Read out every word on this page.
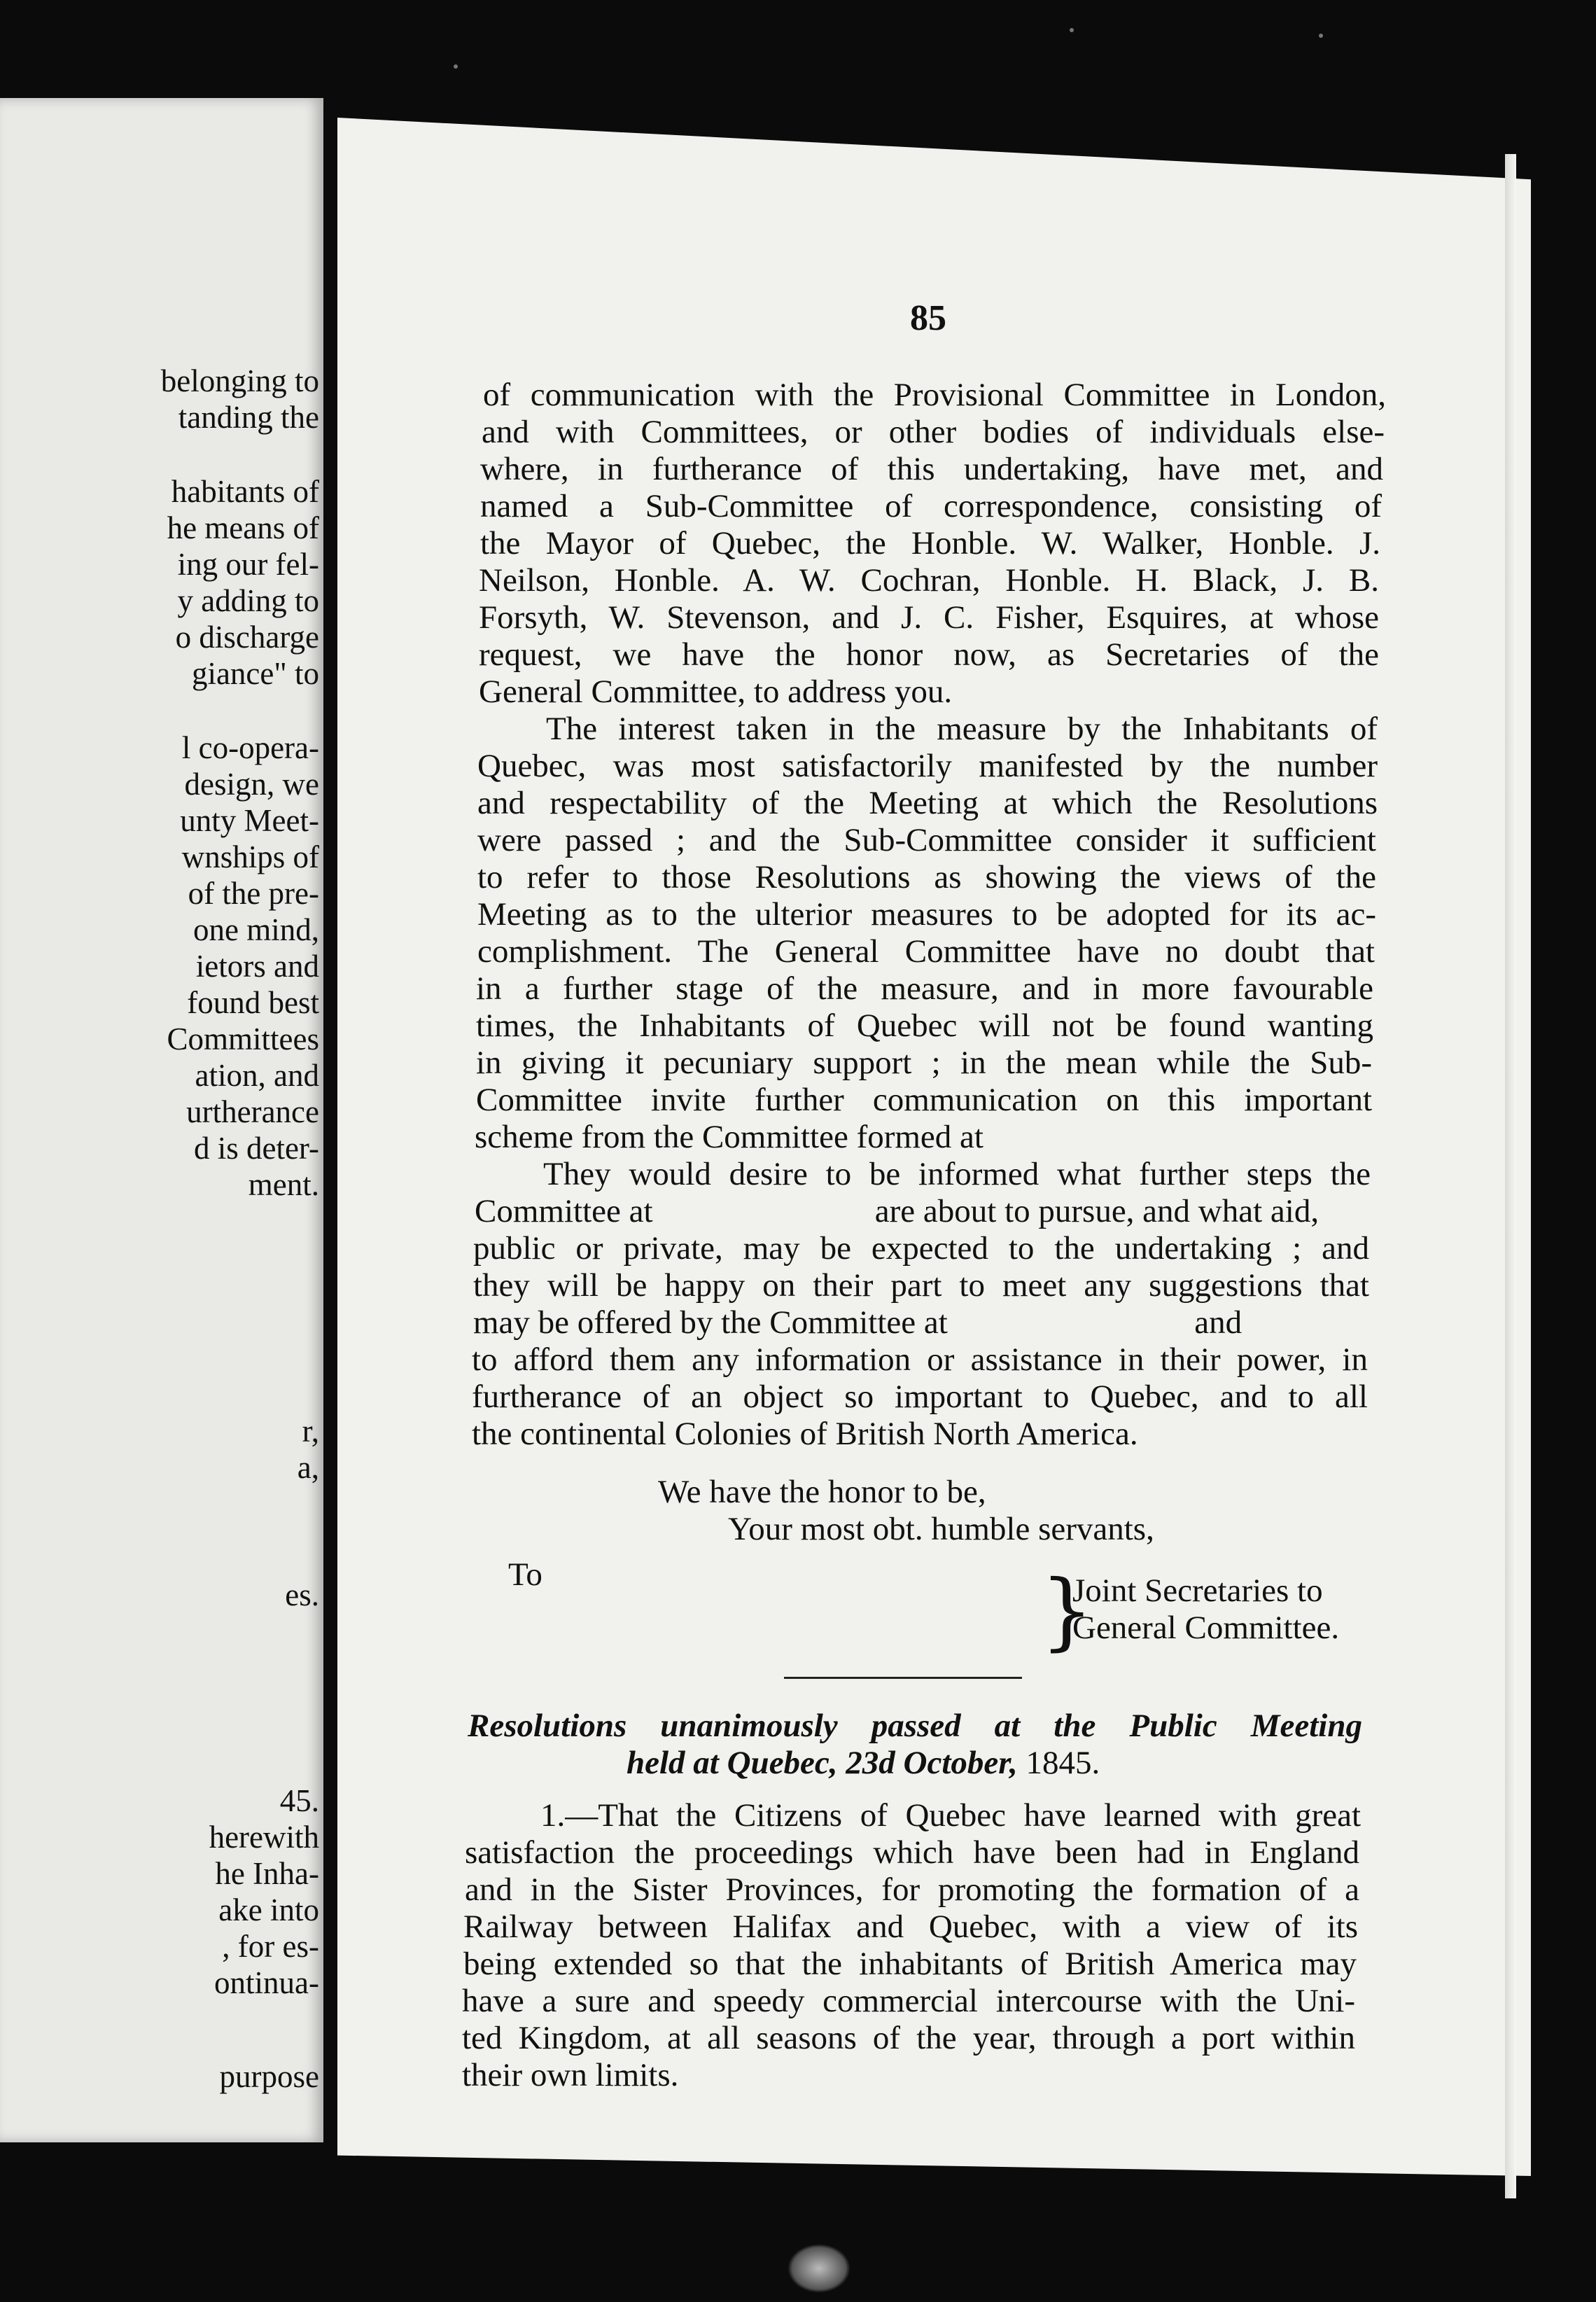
belonging to
tanding the
habitants of
he means of
ing our fel-
y adding to
o discharge
giance" to
l co-opera-
design, we
unty Meet-
wnships of
of the pre-
one mind,
ietors and
found best
Committees
ation, and
urtherance
d is deter-
ment.
r,
a,
es.
45.
herewith
he Inha-
ake into
, for es-
ontinua-
purpose
85
of communication with the Provisional Committee in London,
and with Committees, or other bodies of individuals else-
where, in furtherance of this undertaking, have met, and
named a Sub-Committee of correspondence, consisting of
the Mayor of Quebec, the Honble. W. Walker, Honble. J.
Neilson, Honble. A. W. Cochran, Honble. H. Black, J. B.
Forsyth, W. Stevenson, and J. C. Fisher, Esquires, at whose
request, we have the honor now, as Secretaries of the
General Committee, to address you.
The interest taken in the measure by the Inhabitants of
Quebec, was most satisfactorily manifested by the number
and respectability of the Meeting at which the Resolutions
were passed ; and the Sub-Committee consider it sufficient
to refer to those Resolutions as showing the views of the
Meeting as to the ulterior measures to be adopted for its ac-
complishment. The General Committee have no doubt that
in a further stage of the measure, and in more favourable
times, the Inhabitants of Quebec will not be found wanting
in giving it pecuniary support ; in the mean while the Sub-
Committee invite further communication on this important
scheme from the Committee formed at
They would desire to be informed what further steps the
Committee at                           are about to pursue, and what aid,
public or private, may be expected to the undertaking ; and
they will be happy on their part to meet any suggestions that
may be offered by the Committee at                              and
to afford them any information or assistance in their power, in
furtherance of an object so important to Quebec, and to all
the continental Colonies of British North America.
We have the honor to be,
Your most obt. humble servants,
To	}
Joint Secretaries to
General Committee.
Resolutions unanimously passed at the Public Meeting
held at Quebec, 23d October, 1845.
1.—That the Citizens of Quebec have learned with great
satisfaction the proceedings which have been had in England
and in the Sister Provinces, for promoting the formation of a
Railway between Halifax and Quebec, with a view of its
being extended so that the inhabitants of British America may
have a sure and speedy commercial intercourse with the Uni-
ted Kingdom, at all seasons of the year, through a port within
their own limits.
